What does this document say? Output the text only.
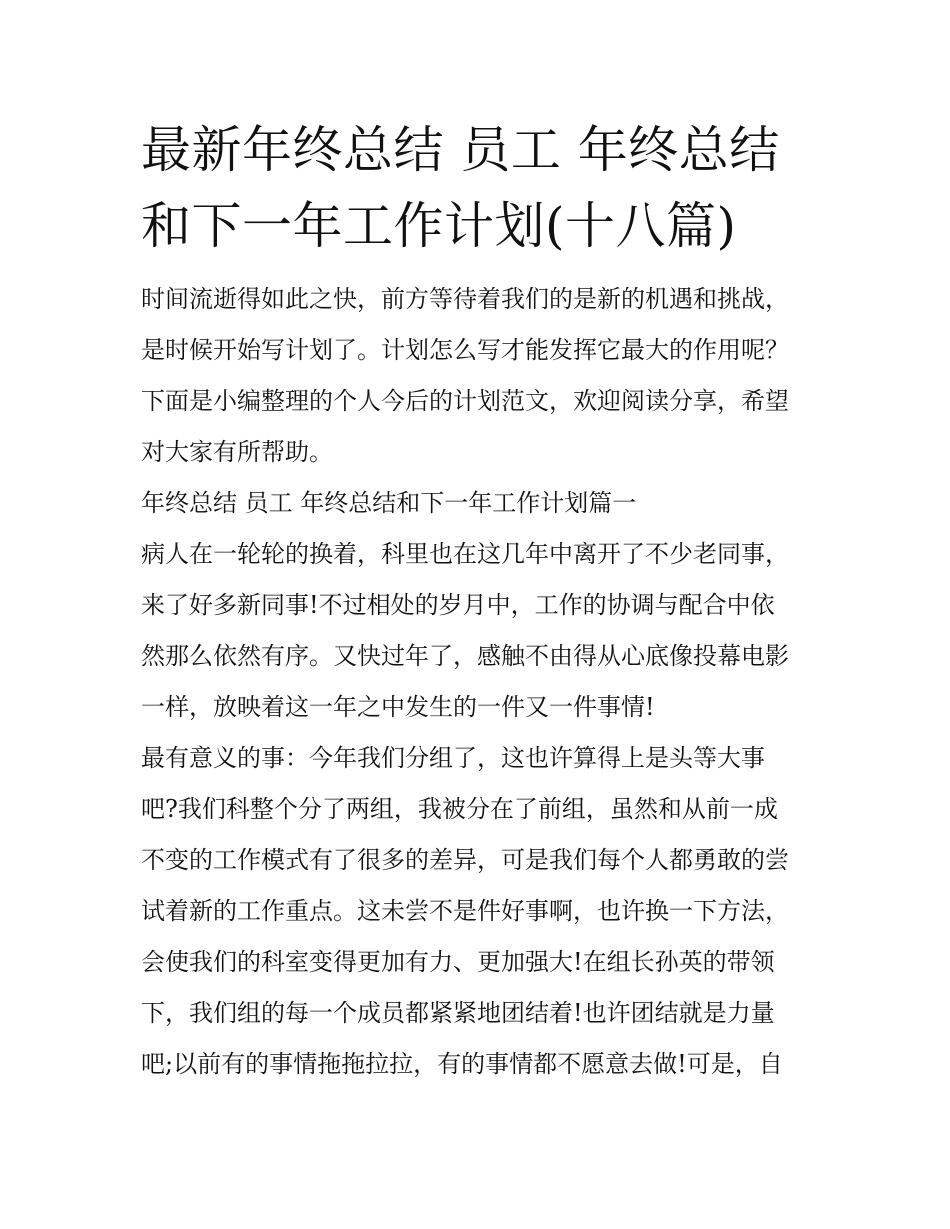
最新年终总结 员工 年终总结
和下一年工作计划(十八篇)
时间流逝得如此之快，前方等待着我们的是新的机遇和挑战，
是时候开始写计划了。计划怎么写才能发挥它最大的作用呢？
下面是小编整理的个人今后的计划范文，欢迎阅读分享，希望
对大家有所帮助。
年终总结 员工 年终总结和下一年工作计划篇一
病人在一轮轮的换着，科里也在这几年中离开了不少老同事，
来了好多新同事!不过相处的岁月中，工作的协调与配合中依
然那么依然有序。又快过年了，感触不由得从心底像投幕电影
一样，放映着这一年之中发生的一件又一件事情!
最有意义的事：今年我们分组了，这也许算得上是头等大事
吧?我们科整个分了两组，我被分在了前组，虽然和从前一成
不变的工作模式有了很多的差异，可是我们每个人都勇敢的尝
试着新的工作重点。这未尝不是件好事啊，也许换一下方法，
会使我们的科室变得更加有力、更加强大!在组长孙英的带领
下，我们组的每一个成员都紧紧地团结着!也许团结就是力量
吧;以前有的事情拖拖拉拉，有的事情都不愿意去做!可是，自
